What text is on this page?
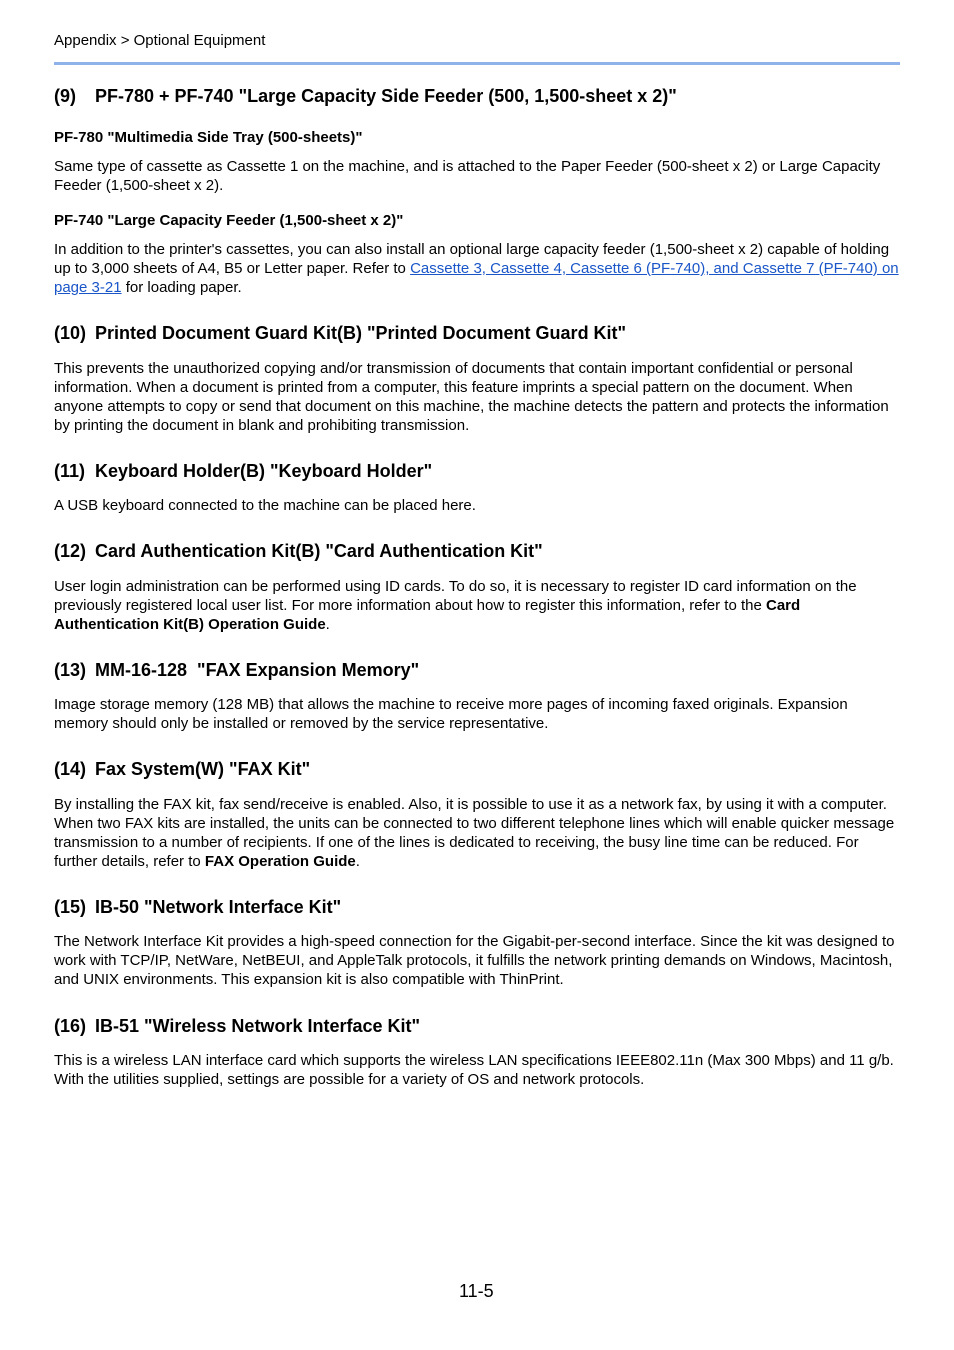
Appendix > Optional Equipment
(9) PF-780 + PF-740 "Large Capacity Side Feeder (500, 1,500-sheet x 2)"
PF-780 "Multimedia Side Tray (500-sheets)"
Same type of cassette as Cassette 1 on the machine, and is attached to the Paper Feeder (500-sheet x 2) or Large Capacity Feeder (1,500-sheet x 2).
PF-740 "Large Capacity Feeder (1,500-sheet x 2)"
In addition to the printer's cassettes, you can also install an optional large capacity feeder (1,500-sheet x 2) capable of holding up to 3,000 sheets of A4, B5 or Letter paper. Refer to Cassette 3, Cassette 4, Cassette 6 (PF-740), and Cassette 7 (PF-740) on page 3-21 for loading paper.
(10) Printed Document Guard Kit(B) "Printed Document Guard Kit"
This prevents the unauthorized copying and/or transmission of documents that contain important confidential or personal information. When a document is printed from a computer, this feature imprints a special pattern on the document. When anyone attempts to copy or send that document on this machine, the machine detects the pattern and protects the information by printing the document in blank and prohibiting transmission.
(11) Keyboard Holder(B) "Keyboard Holder"
A USB keyboard connected to the machine can be placed here.
(12) Card Authentication Kit(B) "Card Authentication Kit"
User login administration can be performed using ID cards. To do so, it is necessary to register ID card information on the previously registered local user list. For more information about how to register this information, refer to the Card Authentication Kit(B) Operation Guide.
(13) MM-16-128  "FAX Expansion Memory"
Image storage memory (128 MB) that allows the machine to receive more pages of incoming faxed originals. Expansion memory should only be installed or removed by the service representative.
(14) Fax System(W) "FAX Kit"
By installing the FAX kit, fax send/receive is enabled. Also, it is possible to use it as a network fax, by using it with a computer. When two FAX kits are installed, the units can be connected to two different telephone lines which will enable quicker message transmission to a number of recipients. If one of the lines is dedicated to receiving, the busy line time can be reduced. For further details, refer to FAX Operation Guide.
(15) IB-50 "Network Interface Kit"
The Network Interface Kit provides a high-speed connection for the Gigabit-per-second interface. Since the kit was designed to work with TCP/IP, NetWare, NetBEUI, and AppleTalk protocols, it fulfills the network printing demands on Windows, Macintosh, and UNIX environments. This expansion kit is also compatible with ThinPrint.
(16) IB-51 "Wireless Network Interface Kit"
This is a wireless LAN interface card which supports the wireless LAN specifications IEEE802.11n (Max 300 Mbps) and 11 g/b. With the utilities supplied, settings are possible for a variety of OS and network protocols.
11-5
